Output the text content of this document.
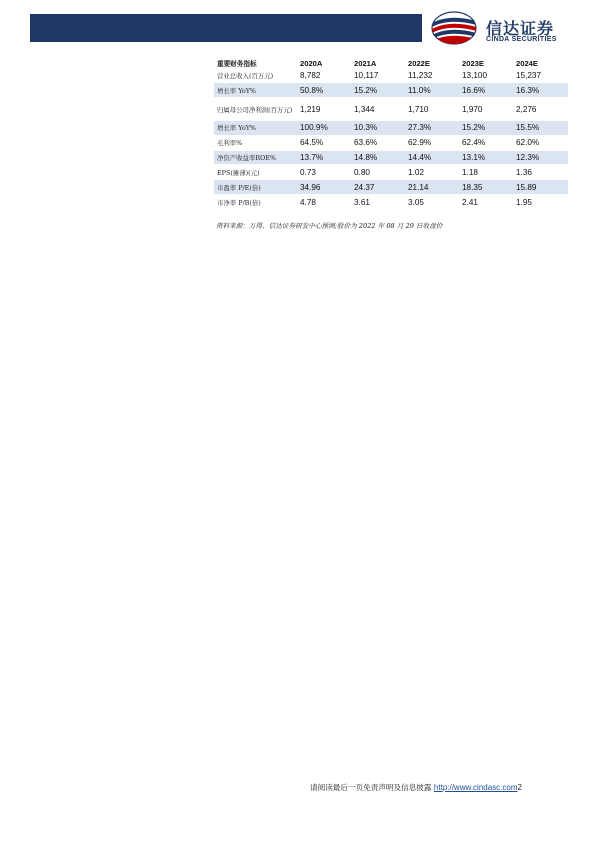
信达证券
CINDA SECURITIES
重要财务指标	2020A	2021A	2022E	2023E	2024E
营业总收入(百万元)	8,782	10,117	11,232	13,100	15,237
增长率 YoY%	50.8%	15.2%	11.0%	16.6%	16.3%
归属母公司净利润(百万元)	1,219	1,344	1,710	1,970	2,276
增长率 YoY%	100.9%	10.3%	27.3%	15.2%	15.5%
毛利率%	64.5%	63.6%	62.9%	62.4%	62.0%
净资产收益率ROE%	13.7%	14.8%	14.4%	13.1%	12.3%
EPS(摊薄)(元)	0.73	0.80	1.02	1.18	1.36
市盈率 P/E(倍)	34.96	24.37	21.14	18.35	15.89
市净率 P/B(倍)	4.78	3.61	3.05	2.41	1.95
资料来源：万得，信达证券研发中心预测;股价为 2022 年 08 月 29 日收盘价
请阅读最后一页免责声明及信息披露 http://www.cindasc.com2
